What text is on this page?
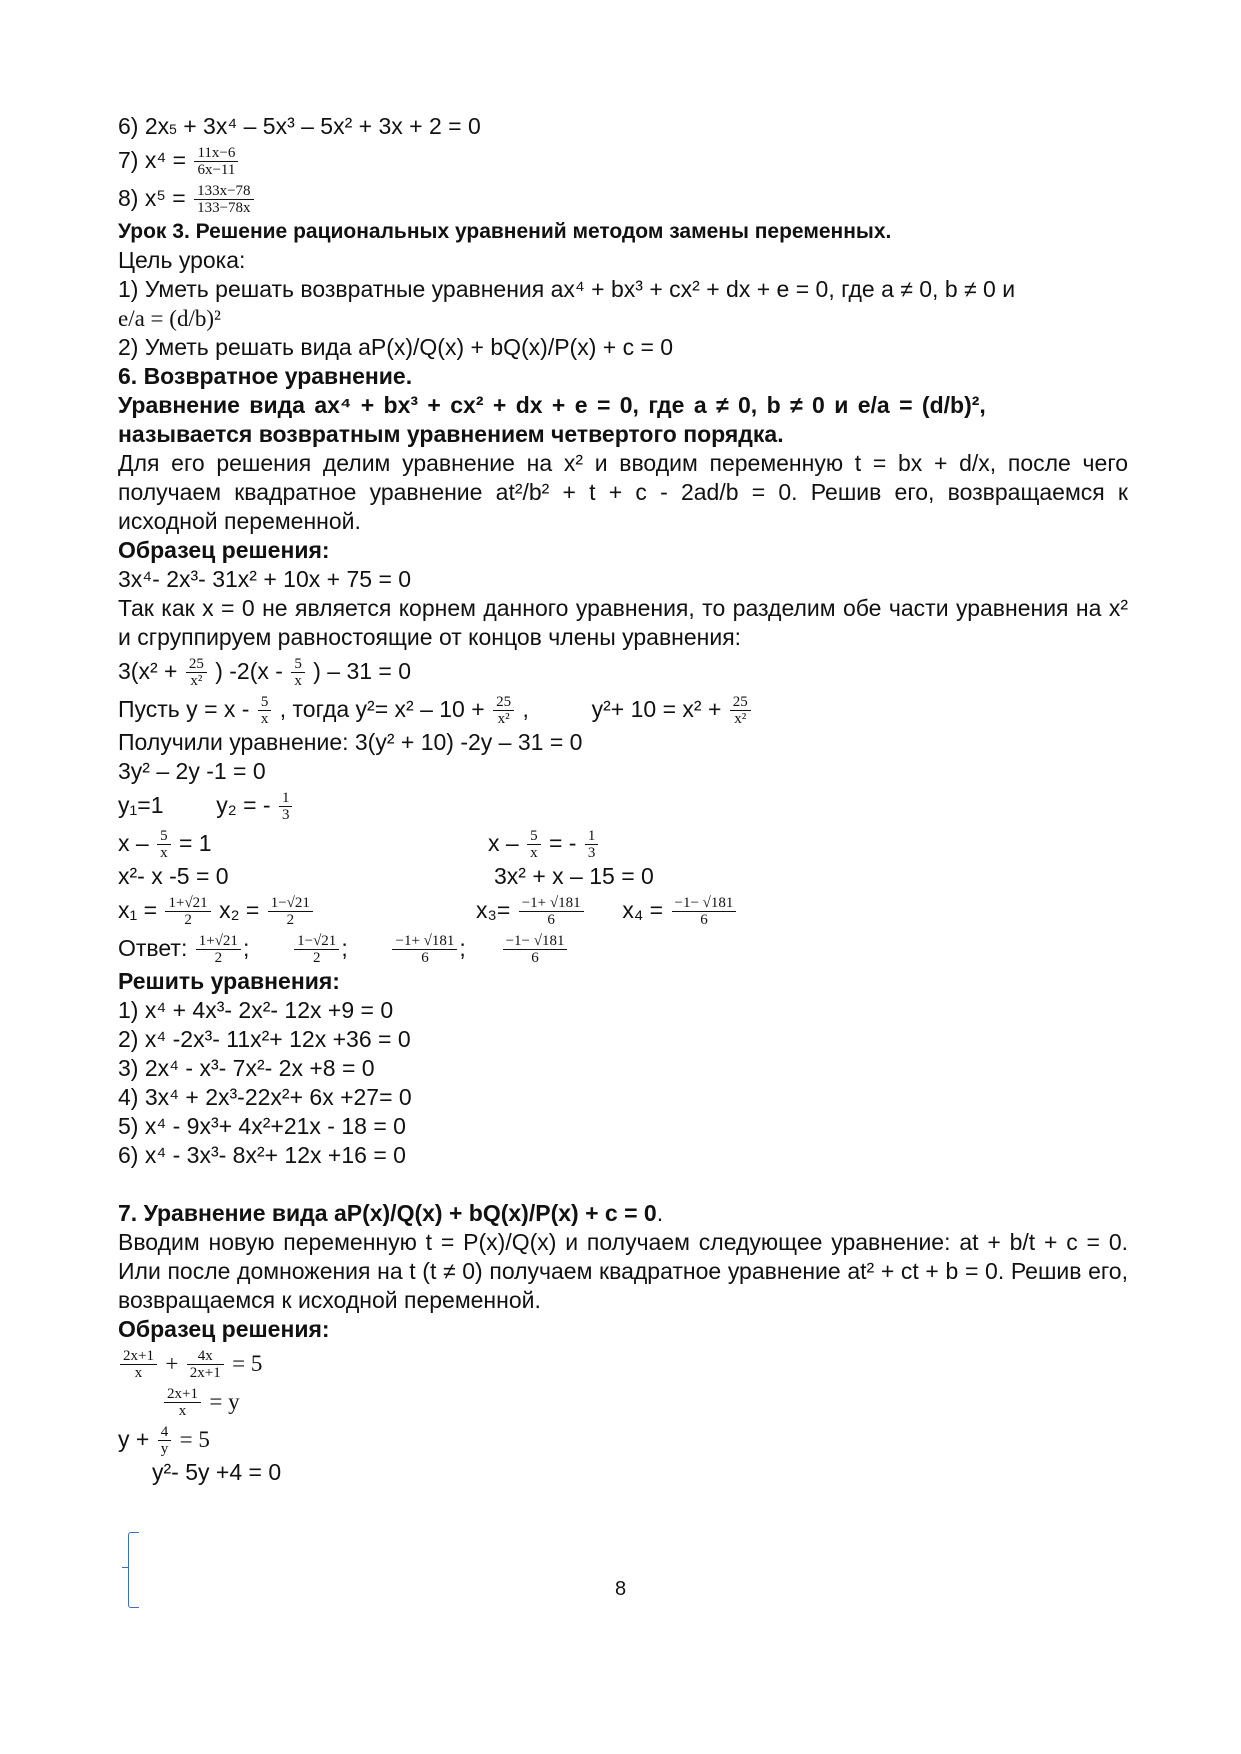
6) $2x^5 + 3x^4 - 5x^3 - 5x^2 + 3x + 2 = 0$
7) $x^4 = \frac{11x-6}{6x-11}$
8) $x^5 = \frac{133x-78}{133-78x}$
Урок 3. Решение рациональных уравнений методом замены переменных.
Цель урока:
1) Уметь решать возвратные уравнения ax⁴ + bx³ + cx² + dx + e = 0, где a ≠ 0, b ≠ 0 и
e/a = (d/b)²
2) Уметь решать вида aP(x)/Q(x) + bQ(x)/P(x) + c = 0
6. Возвратное уравнение.
Уравнение вида ax⁴ + bx³ + cx² + dx + e = 0, где a ≠ 0, b ≠ 0 и e/a = (d/b)²,
называется возвратным уравнением четвертого порядка.
Для его решения делим уравнение на x² и вводим переменную t = bx + d/x, после чего получаем квадратное уравнение at²/b² + t + c - 2ad/b = 0. Решив его, возвращаемся к исходной переменной.
Образец решения:
3x⁴- 2x³- 31x² + 10x + 75 = 0
Так как x = 0 не является корнем данного уравнения, то разделим обе части уравнения на x² и сгруппируем равностоящие от концов члены уравнения:
$3(x^2 + \frac{25}{\text{x²}}$ ) $-2(x - \frac{5}{x}$ ) – 31 = 0
Пусть $y = x - \frac{5}{x}$ , тогда $y^2= x^2 - 10 + \frac{25}{\text{x²}}$ ,	$y^2+ 10 = x^2 + \frac{25}{\text{x²}}$
Получили уравнение: 3(y² + 10) -2y – 31 = 0
3y² – 2y -1 = 0
y₁=1 y₂ = - $\frac{1}{3}$
$x - \frac{5}{x} = 1$	x – $\frac{5}{x}$ = - $\frac{1}{3}$
x²- x -5 = 0	3x² + x – 15 = 0
$x_1 = \frac{1+√21}{2} x_2 = \frac{1-√21}{2}$	$x_3= \frac{-1+ √181}{6} x_4 = \frac{-1- √181}{6}$
Ответ: $\frac{1+√21}{2}$ ;	$\frac{1-√21}{2}$ ;	$\frac{-1+ √181}{6}$ ; $\frac{-1- √181}{6}$
Решить уравнения:
1) x⁴ + 4x³- 2x²- 12x +9 = 0
2) x⁴ -2x³- 11x²+ 12x +36 = 0
3) 2x⁴ - x³- 7x²- 2x +8 = 0
4) 3x⁴ + 2x³-22x²+ 6x +27= 0
5) x⁴ - 9x³+ 4x²+21x - 18 = 0
6) x⁴ - 3x³- 8x²+ 12x +16 = 0
7. Уравнение вида aP(x)/Q(x) + bQ(x)/P(x) + c = 0.
Вводим новую переменную t = P(x)/Q(x) и получаем следующее уравнение: at + b/t + c = 0. Или после домножения на t (t ≠ 0) получаем квадратное уравнение at² + ct + b = 0. Решив его, возвращаемся к исходной переменной.
Образец решения:
$\frac{2x+1}{x} + \frac{4x}{2x+1} = 5$
$\frac{2x+1}{x} = y$
$y + \frac{4}{y} = 5$
y²- 5y +4 = 0
8
